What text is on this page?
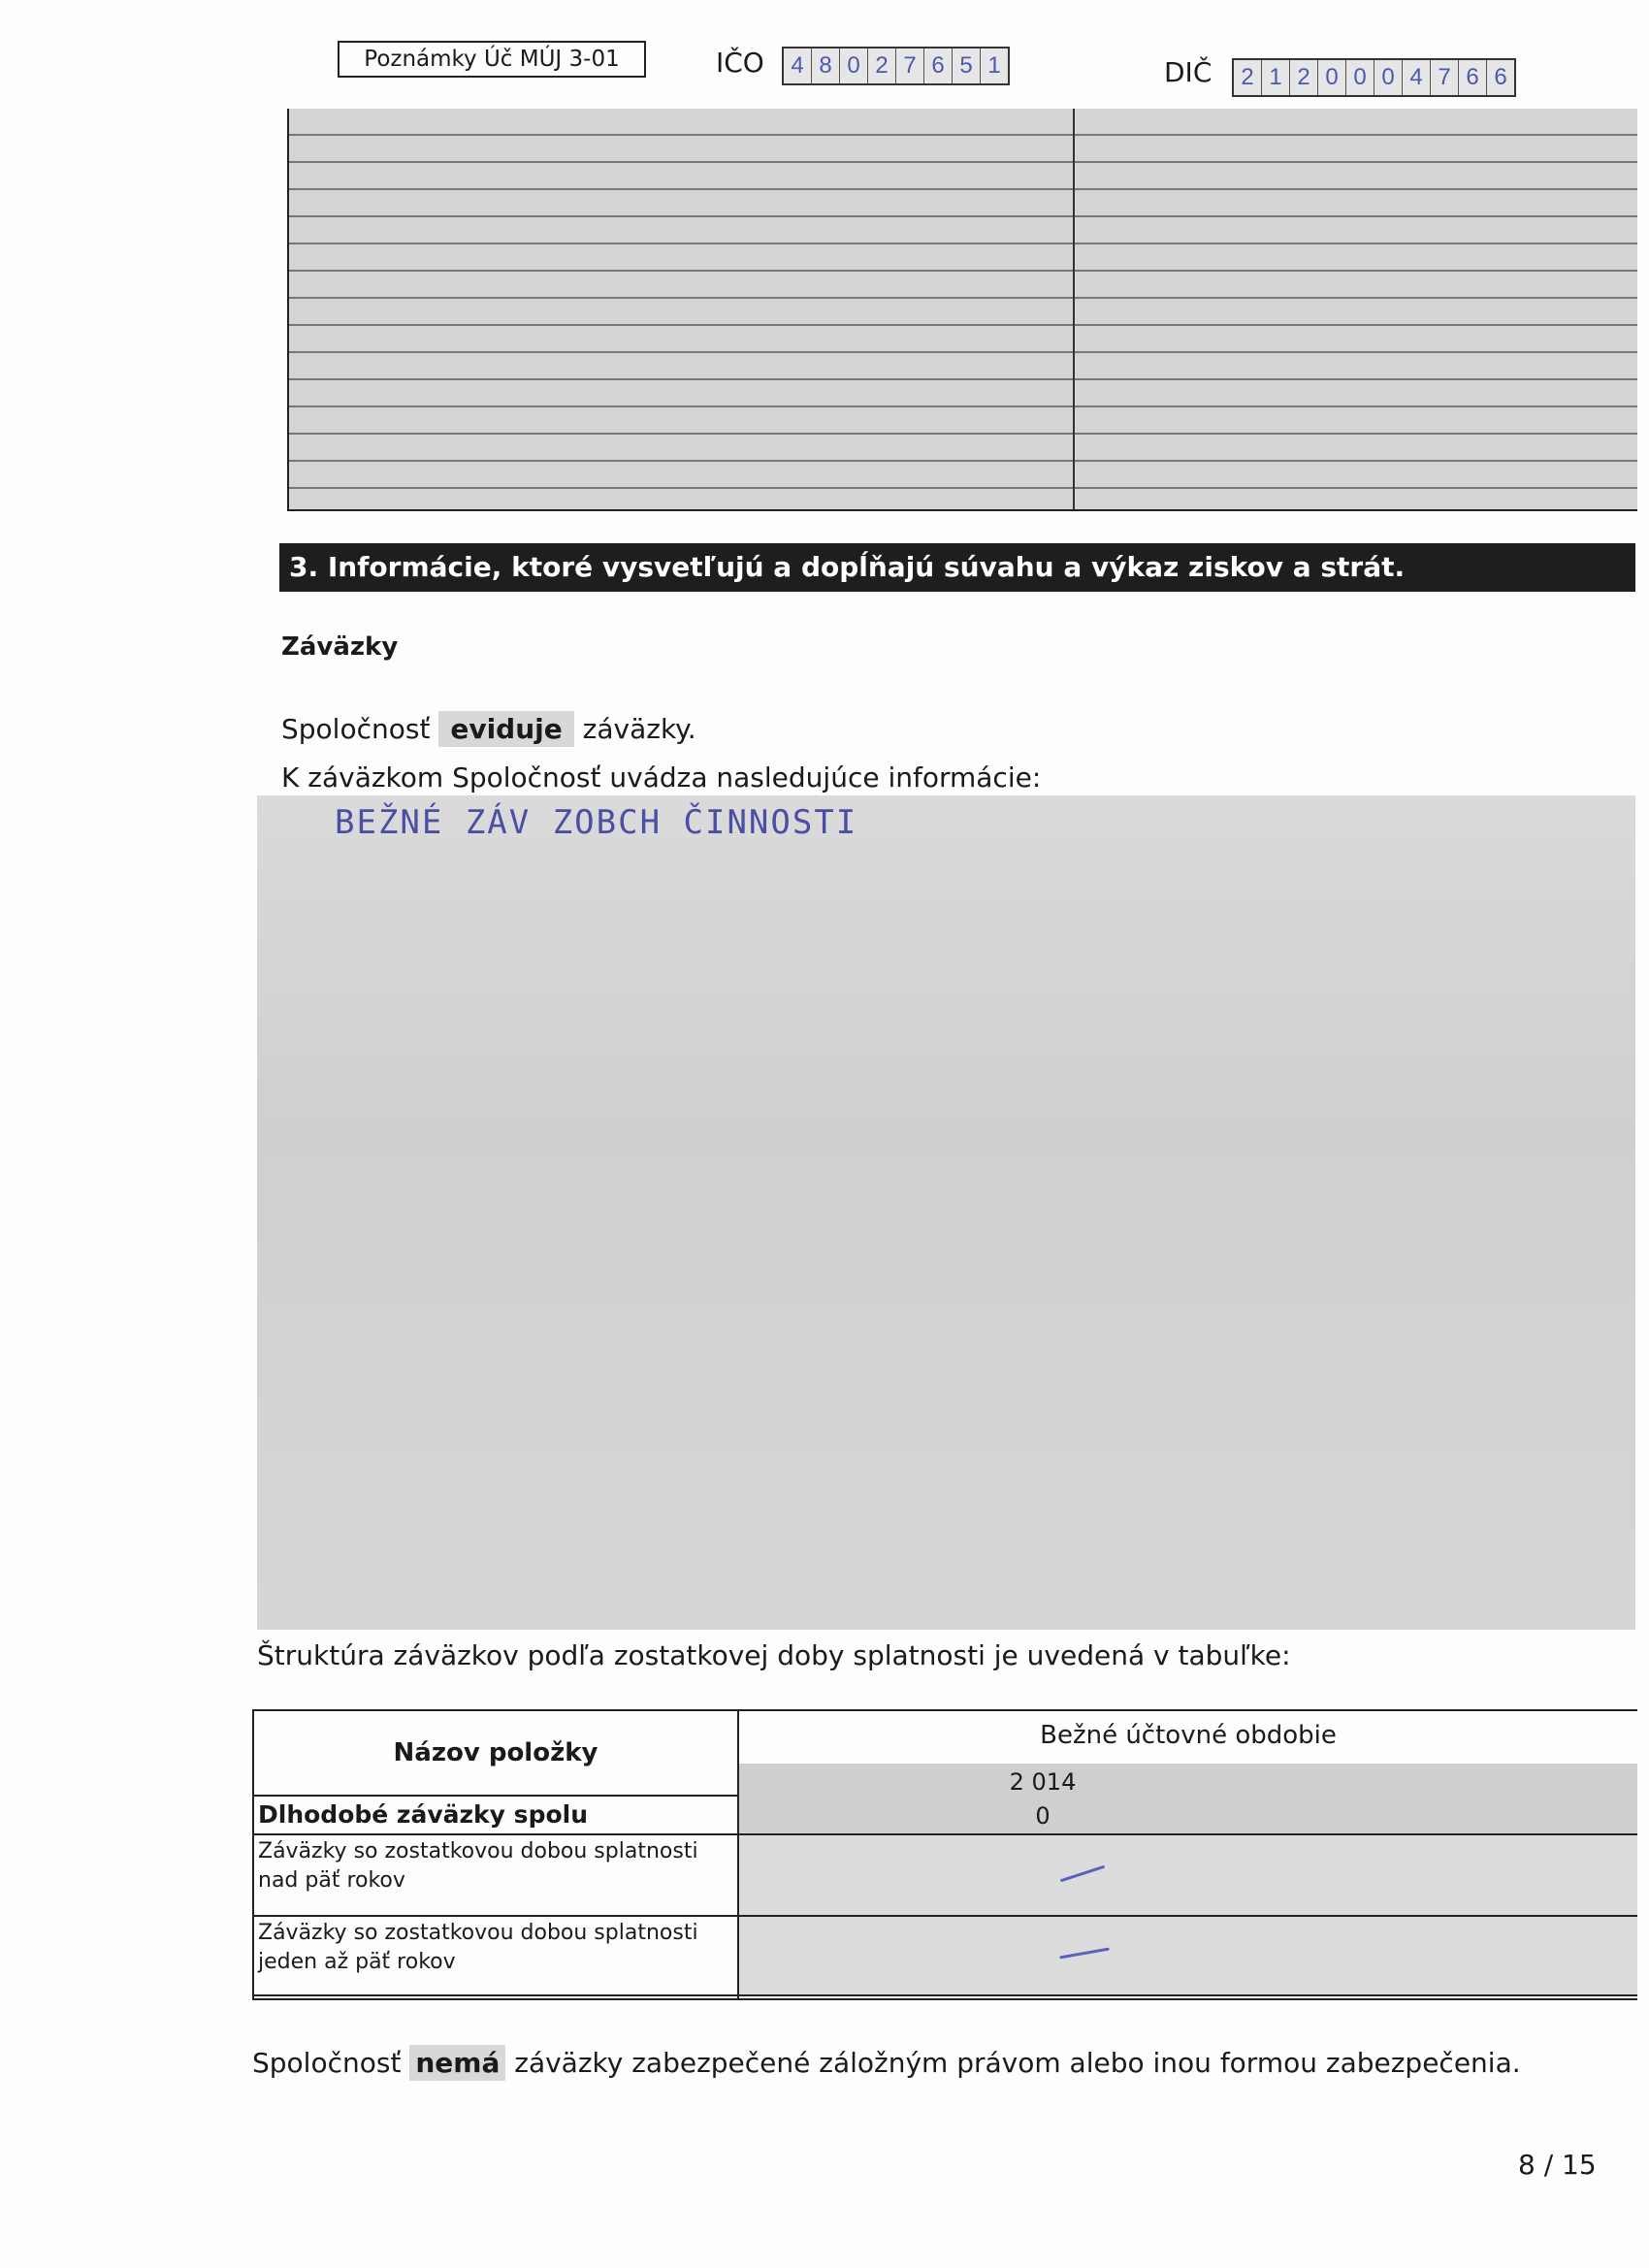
Poznámky Úč MÚJ 3-01	IČO	4 8 0 2 7 6 5 1	DIČ	2 1 2 0 0 0 4 7 6 6
3. Informácie, ktoré vysvetľujú a dopĺňajú súvahu a výkaz ziskov a strát.
Záväzky
Spoločnosť eviduje záväzky.
K záväzkom Spoločnosť uvádza nasledujúce informácie:
BEŽNÉ ZÁV ZOBCH ČINNOSTI
Štruktúra záväzkov podľa zostatkovej doby splatnosti je uvedená v tabuľke:
Názov položky
Bežné účtovné obdobie
2 014
Dlhodobé záväzky spolu	0
Záväzky so zostatkovou dobou splatnosti nad päť rokov
Záväzky so zostatkovou dobou splatnosti jeden až päť rokov
Spoločnosť nemá záväzky zabezpečené záložným právom alebo inou formou zabezpečenia.
8 / 15
